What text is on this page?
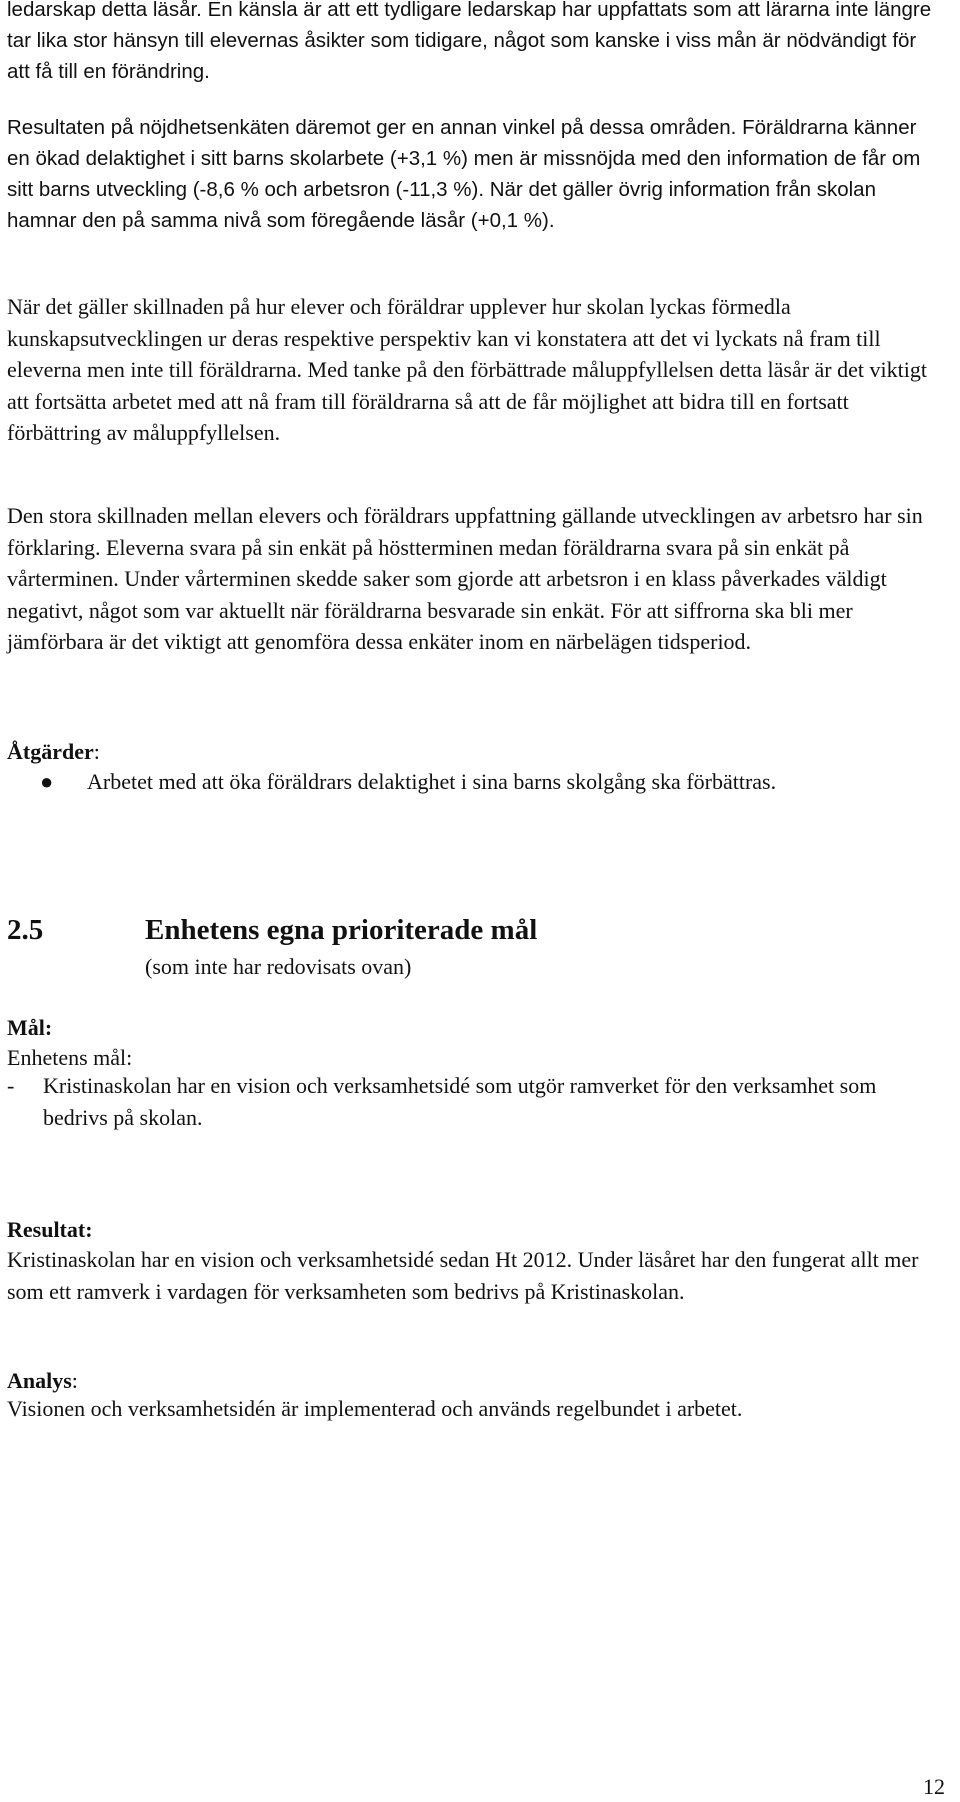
ledarskap detta läsår. En känsla är att ett tydligare ledarskap har uppfattats som att lärarna inte längre tar lika stor hänsyn till elevernas åsikter som tidigare, något som kanske i viss mån är nödvändigt för att få till en förändring.

Resultaten på nöjdhetsenkäten däremot ger en annan vinkel på dessa områden. Föräldrarna känner en ökad delaktighet i sitt barns skolarbete (+3,1 %) men är missnöjda med den information de får om sitt barns utveckling (-8,6 % och arbetsron (-11,3 %). När det gäller övrig information från skolan hamnar den på samma nivå som föregående läsår (+0,1 %).

När det gäller skillnaden på hur elever och föräldrar upplever hur skolan lyckas förmedla kunskapsutvecklingen ur deras respektive perspektiv kan vi konstatera att det vi lyckats nå fram till eleverna men inte till föräldrarna. Med tanke på den förbättrade måluppfyllelsen detta läsår är det viktigt att fortsätta arbetet med att nå fram till föräldrarna så att de får möjlighet att bidra till en fortsatt förbättring av måluppfyllelsen.

Den stora skillnaden mellan elevers och föräldrars uppfattning gällande utvecklingen av arbetsro har sin förklaring. Eleverna svara på sin enkät på höstterminen medan föräldrarna svara på sin enkät på vårterminen. Under vårterminen skedde saker som gjorde att arbetsron i en klass påverkades väldigt negativt, något som var aktuellt när föräldrarna besvarade sin enkät. För att siffrorna ska bli mer jämförbara är det viktigt att genomföra dessa enkäter inom en närbelägen tidsperiod.

Åtgärder:
● Arbetet med att öka föräldrars delaktighet i sina barns skolgång ska förbättras.

2.5	Enhetens egna prioriterade mål
(som inte har redovisats ovan)

Mål:

Enhetens mål:

- Kristinaskolan har en vision och verksamhetsidé som utgör ramverket för den verksamhet som bedrivs på skolan.

Resultat:

Kristinaskolan har en vision och verksamhetsidé sedan Ht 2012. Under läsåret har den fungerat allt mer som ett ramverk i vardagen för verksamheten som bedrivs på Kristinaskolan.

Analys:

Visionen och verksamhetsidén är implementerad och används regelbundet i arbetet.

12
